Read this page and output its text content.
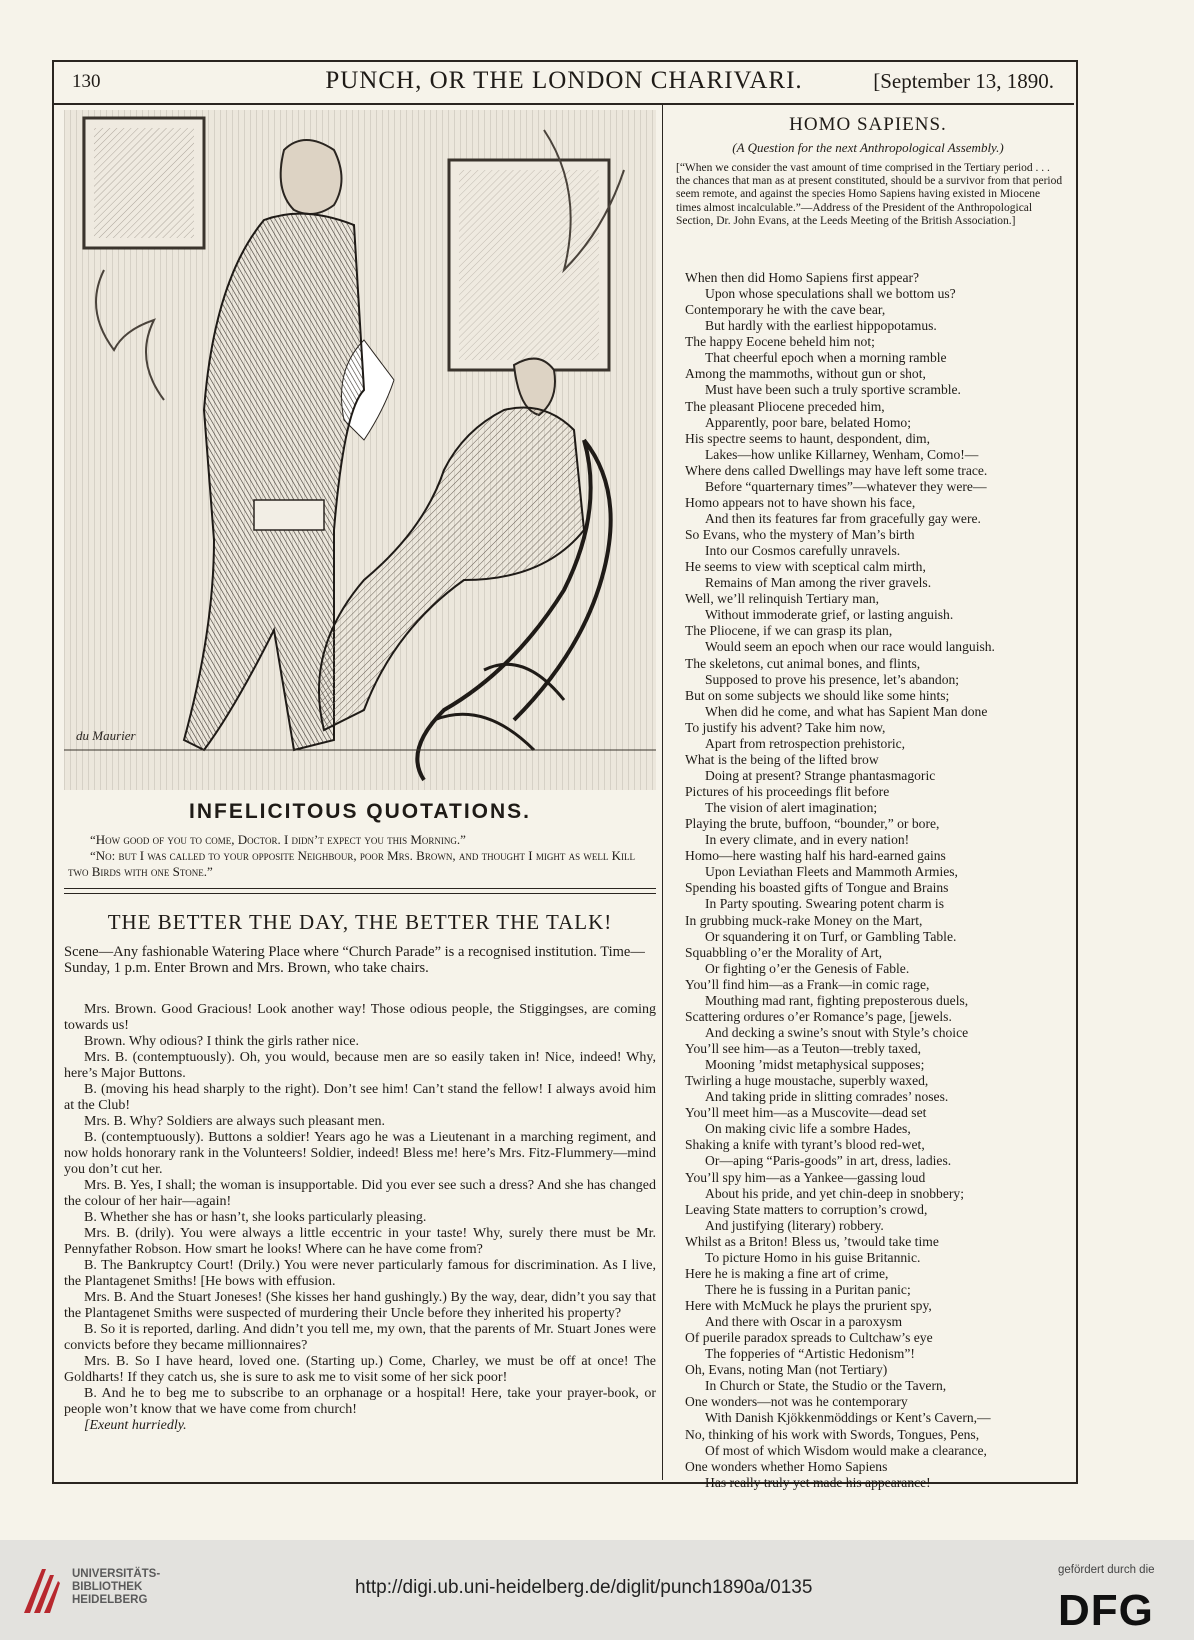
130	PUNCH, OR THE LONDON CHARIVARI.	[September 13, 1890.
du Maurier
INFELICITOUS QUOTATIONS.

“How good of you to come, Doctor. I didn’t expect you this Morning.”

“No: but I was called to your opposite Neighbour, poor Mrs. Brown, and thought I might as well Kill two Birds with one Stone.”

THE BETTER THE DAY, THE BETTER THE TALK!
Scene—Any fashionable Watering Place where “Church Parade” is a recognised institution. Time—Sunday, 1 p.m. Enter Brown and Mrs. Brown, who take chairs.

Mrs. Brown. Good Gracious! Look another way! Those odious people, the Stiggingses, are coming towards us!

Brown. Why odious? I think the girls rather nice.

Mrs. B. (contemptuously). Oh, you would, because men are so easily taken in! Nice, indeed! Why, here’s Major Buttons.

B. (moving his head sharply to the right). Don’t see him! Can’t stand the fellow! I always avoid him at the Club!

Mrs. B. Why? Soldiers are always such pleasant men.

B. (contemptuously). Buttons a soldier! Years ago he was a Lieutenant in a marching regiment, and now holds honorary rank in the Volunteers! Soldier, indeed! Bless me! here’s Mrs. Fitz-Flummery—mind you don’t cut her.

Mrs. B. Yes, I shall; the woman is insupportable. Did you ever see such a dress? And she has changed the colour of her hair—again!

B. Whether she has or hasn’t, she looks particularly pleasing.

Mrs. B. (drily). You were always a little eccentric in your taste! Why, surely there must be Mr. Pennyfather Robson. How smart he looks! Where can he have come from?

B. The Bankruptcy Court! (Drily.) You were never particularly famous for discrimination. As I live, the Plantagenet Smiths! [He bows with effusion.

Mrs. B. And the Stuart Joneses! (She kisses her hand gushingly.) By the way, dear, didn’t you say that the Plantagenet Smiths were suspected of murdering their Uncle before they inherited his property?

B. So it is reported, darling. And didn’t you tell me, my own, that the parents of Mr. Stuart Jones were convicts before they became millionnaires?

Mrs. B. So I have heard, loved one. (Starting up.) Come, Charley, we must be off at once! The Goldharts! If they catch us, she is sure to ask me to visit some of her sick poor!

B. And he to beg me to subscribe to an orphanage or a hospital! Here, take your prayer-book, or people won’t know that we have come from church!

[Exeunt hurriedly.

HOMO SAPIENS.
(A Question for the next Anthropological Assembly.)
[“When we consider the vast amount of time comprised in the Tertiary period . . . the chances that man as at present constituted, should be a survivor from that period seem remote, and against the species Homo Sapiens having existed in Miocene times almost incalculable.”—Address of the President of the Anthropological Section, Dr. John Evans, at the Leeds Meeting of the British Association.]
When then did Homo Sapiens first appear?
Upon whose speculations shall we bottom us?
Contemporary he with the cave bear,
But hardly with the earliest hippopotamus.
The happy Eocene beheld him not;
That cheerful epoch when a morning ramble
Among the mammoths, without gun or shot,
Must have been such a truly sportive scramble.
The pleasant Pliocene preceded him,
Apparently, poor bare, belated Homo;
His spectre seems to haunt, despondent, dim,
Lakes—how unlike Killarney, Wenham, Como!—
Where dens called Dwellings may have left some trace.
Before “quarternary times”—whatever they were—
Homo appears not to have shown his face,
And then its features far from gracefully gay were.
So Evans, who the mystery of Man’s birth
Into our Cosmos carefully unravels.
He seems to view with sceptical calm mirth,
Remains of Man among the river gravels.
Well, we’ll relinquish Tertiary man,
Without immoderate grief, or lasting anguish.
The Pliocene, if we can grasp its plan,
Would seem an epoch when our race would languish.
The skeletons, cut animal bones, and flints,
Supposed to prove his presence, let’s abandon;
But on some subjects we should like some hints;
When did he come, and what has Sapient Man done
To justify his advent? Take him now,
Apart from retrospection prehistoric,
What is the being of the lifted brow
Doing at present? Strange phantasmagoric
Pictures of his proceedings flit before
The vision of alert imagination;
Playing the brute, buffoon, “bounder,” or bore,
In every climate, and in every nation!
Homo—here wasting half his hard-earned gains
Upon Leviathan Fleets and Mammoth Armies,
Spending his boasted gifts of Tongue and Brains
In Party spouting. Swearing potent charm is
In grubbing muck-rake Money on the Mart,
Or squandering it on Turf, or Gambling Table.
Squabbling o’er the Morality of Art,
Or fighting o’er the Genesis of Fable.
You’ll find him—as a Frank—in comic rage,
Mouthing mad rant, fighting preposterous duels,
Scattering ordures o’er Romance’s page, [jewels.
And decking a swine’s snout with Style’s choice
You’ll see him—as a Teuton—trebly taxed,
Mooning ’midst metaphysical supposes;
Twirling a huge moustache, superbly waxed,
And taking pride in slitting comrades’ noses.
You’ll meet him—as a Muscovite—dead set
On making civic life a sombre Hades,
Shaking a knife with tyrant’s blood red-wet,
Or—aping “Paris-goods” in art, dress, ladies.
You’ll spy him—as a Yankee—gassing loud
About his pride, and yet chin-deep in snobbery;
Leaving State matters to corruption’s crowd,
And justifying (literary) robbery.
Whilst as a Briton! Bless us, ’twould take time
To picture Homo in his guise Britannic.
Here he is making a fine art of crime,
There he is fussing in a Puritan panic;
Here with McMuck he plays the prurient spy,
And there with Oscar in a paroxysm
Of puerile paradox spreads to Cultchaw’s eye
The fopperies of “Artistic Hedonism”!
Oh, Evans, noting Man (not Tertiary)
In Church or State, the Studio or the Tavern,
One wonders—not was he contemporary
With Danish Kjökkenmöddings or Kent’s Cavern,—
No, thinking of his work with Swords, Tongues, Pens,
Of most of which Wisdom would make a clearance,
One wonders whether Homo Sapiens
Has really truly yet made his appearance!
UNIVERSITÄTS-
BIBLIOTHEK
HEIDELBERG
http://digi.ub.uni-heidelberg.de/diglit/punch1890a/0135
gefördert durch die
DFG
